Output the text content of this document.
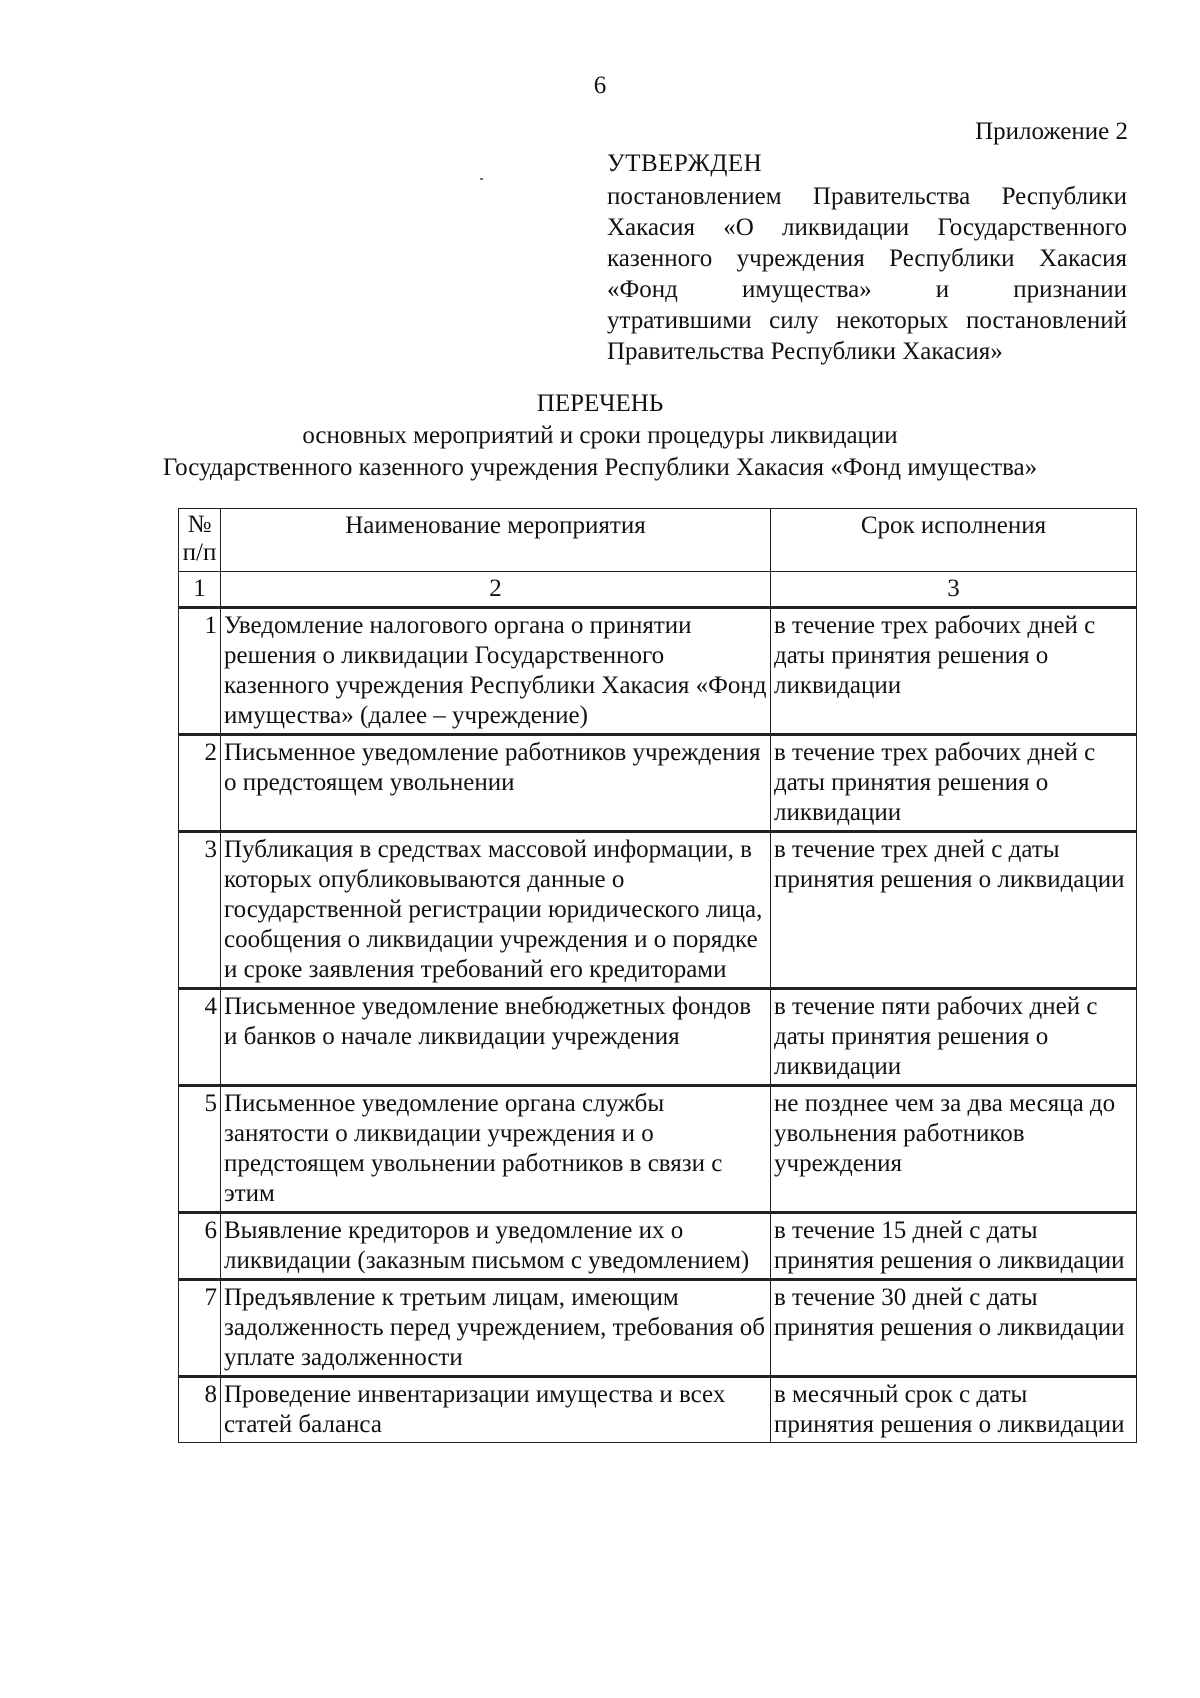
6
Приложение 2
УТВЕРЖДЕН
постановлением Правительства Республики
Хакасия «О ликвидации Государственного
казенного учреждения Республики Хакасия
«Фонд имущества» и признании
утратившими силу некоторых постановлений
Правительства Республики Хакасия»
ПЕРЕЧЕНЬ
основных мероприятий и сроки процедуры ликвидации
Государственного казенного учреждения Республики Хакасия «Фонд имущества»
№ п/п	Наименование мероприятия	Срок исполнения
1	2	3
1	Уведомление налогового органа о принятии решения о ликвидации Государственного казенного учреждения Республики Хакасия «Фонд имущества» (далее – учреждение)	в течение трех рабочих дней с даты принятия решения о ликвидации
2	Письменное уведомление работников учреждения о предстоящем увольнении	в течение трех рабочих дней с даты принятия решения о ликвидации
3	Публикация в средствах массовой информации, в которых опубликовываются данные о государственной регистрации юридического лица, сообщения о ликвидации учреждения и о порядке и сроке заявления требований его кредиторами	в течение трех дней с даты принятия решения о ликвидации
4	Письменное уведомление внебюджетных фондов и банков о начале ликвидации учреждения	в течение пяти рабочих дней с даты принятия решения о ликвидации
5	Письменное уведомление органа службы занятости о ликвидации учреждения и о предстоящем увольнении работников в связи с этим	не позднее чем за два месяца до увольнения работников учреждения
6	Выявление кредиторов и уведомление их о ликвидации (заказным письмом с уведомлением)	в течение 15 дней с даты принятия решения о ликвидации
7	Предъявление к третьим лицам, имеющим задолженность перед учреждением, требования об уплате задолженности	в течение 30 дней с даты принятия решения о ликвидации
8	Проведение инвентаризации имущества и всех статей баланса	в месячный срок с даты принятия решения о ликвидации
